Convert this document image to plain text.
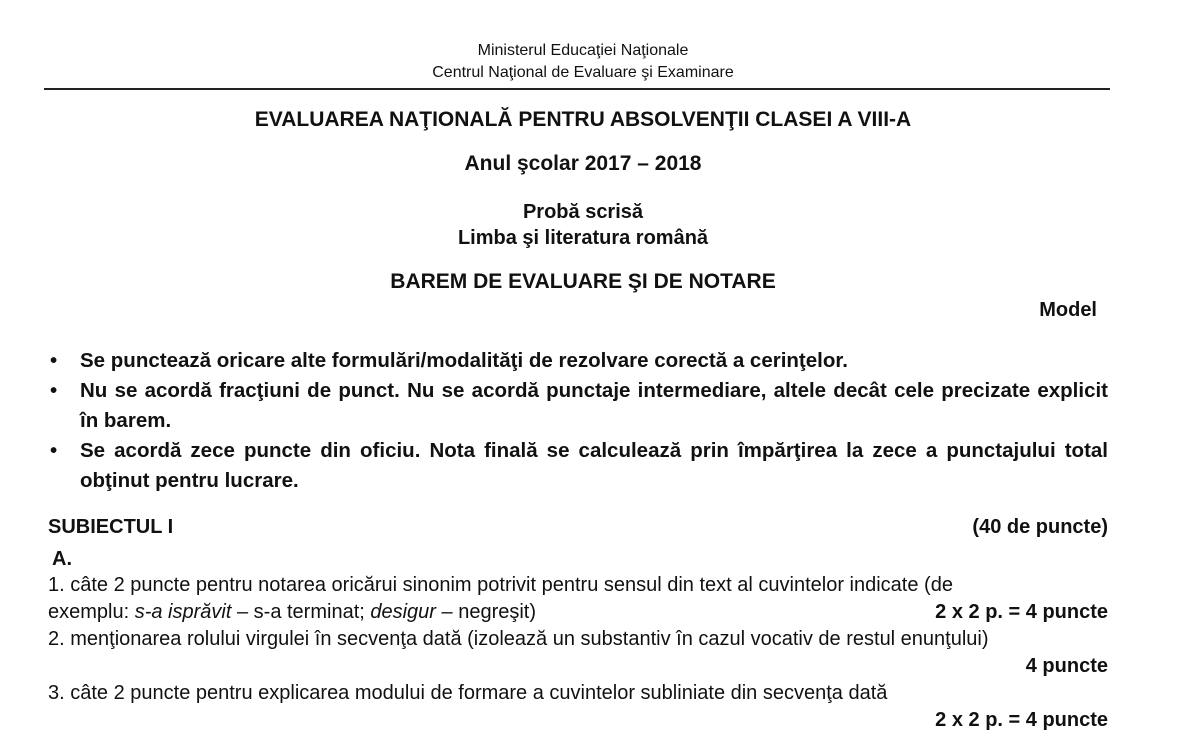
Ministerul Educaţiei Naţionale
Centrul Naţional de Evaluare şi Examinare
EVALUAREA NAŢIONALĂ PENTRU ABSOLVENŢII CLASEI A VIII-A
Anul şcolar 2017 – 2018
Probă scrisă
Limba şi literatura română
BAREM DE EVALUARE ŞI DE NOTARE
Model
• Se punctează oricare alte formulări/modalităţi de rezolvare corectă a cerinţelor.
• Nu se acordă fracţiuni de punct. Nu se acordă punctaje intermediare, altele decât cele precizate explicit în barem.
• Se acordă zece puncte din oficiu. Nota finală se calculează prin împărţirea la zece a punctajului total obţinut pentru lucrare.
SUBIECTUL I	(40 de puncte)
A.
1. câte 2 puncte pentru notarea oricărui sinonim potrivit pentru sensul din text al cuvintelor indicate (de
exemplu: s-a isprăvit – s-a terminat; desigur – negreşit)	2 x 2 p. = 4 puncte
2. menţionarea rolului virgulei în secvenţa dată (izolează un substantiv în cazul vocativ de restul enunţului)
4 puncte
3. câte 2 puncte pentru explicarea modului de formare a cuvintelor subliniate din secvenţa dată
2 x 2 p. = 4 puncte
